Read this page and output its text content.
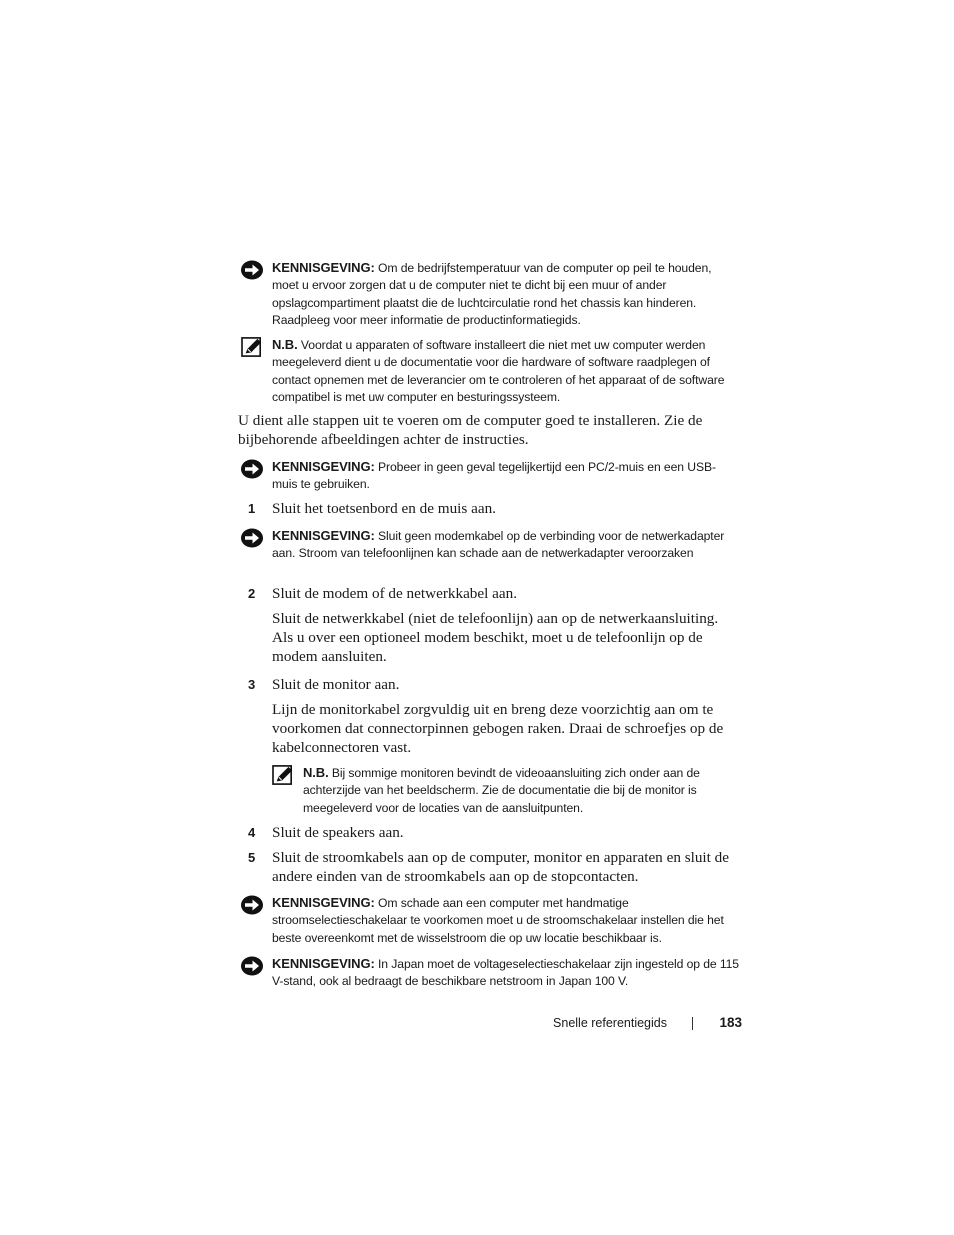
KENNISGEVING: Om de bedrijfstemperatuur van de computer op peil te houden, moet u ervoor zorgen dat u de computer niet te dicht bij een muur of ander opslagcompartiment plaatst die de luchtcirculatie rond het chassis kan hinderen. Raadpleeg voor meer informatie de productinformatiegids.
N.B. Voordat u apparaten of software installeert die niet met uw computer werden meegeleverd dient u de documentatie voor die hardware of software raadplegen of contact opnemen met de leverancier om te controleren of het apparaat of de software compatibel is met uw computer en besturingssysteem.
U dient alle stappen uit te voeren om de computer goed te installeren. Zie de bijbehorende afbeeldingen achter de instructies.
KENNISGEVING: Probeer in geen geval tegelijkertijd een PC/2-muis en een USB-muis te gebruiken.
1 Sluit het toetsenbord en de muis aan.
KENNISGEVING: Sluit geen modemkabel op de verbinding voor de netwerkadapter aan. Stroom van telefoonlijnen kan schade aan de netwerkadapter veroorzaken
2 Sluit de modem of de netwerkkabel aan.
Sluit de netwerkkabel (niet de telefoonlijn) aan op de netwerkaansluiting. Als u over een optioneel modem beschikt, moet u de telefoonlijn op de modem aansluiten.
3 Sluit de monitor aan.
Lijn de monitorkabel zorgvuldig uit en breng deze voorzichtig aan om te voorkomen dat connectorpinnen gebogen raken. Draai de schroefjes op de kabelconnectoren vast.
N.B. Bij sommige monitoren bevindt de videoaansluiting zich onder aan de achterzijde van het beeldscherm. Zie de documentatie die bij de monitor is meegeleverd voor de locaties van de aansluitpunten.
4 Sluit de speakers aan.
5 Sluit de stroomkabels aan op de computer, monitor en apparaten en sluit de andere einden van de stroomkabels aan op de stopcontacten.
KENNISGEVING: Om schade aan een computer met handmatige stroomselectieschakelaar te voorkomen moet u de stroomschakelaar instellen die het beste overeenkomt met de wisselstroom die op uw locatie beschikbaar is.
KENNISGEVING: In Japan moet de voltageselectieschakelaar zijn ingesteld op de 115 V-stand, ook al bedraagt de beschikbare netstroom in Japan 100 V.
Snelle referentiegids	183
